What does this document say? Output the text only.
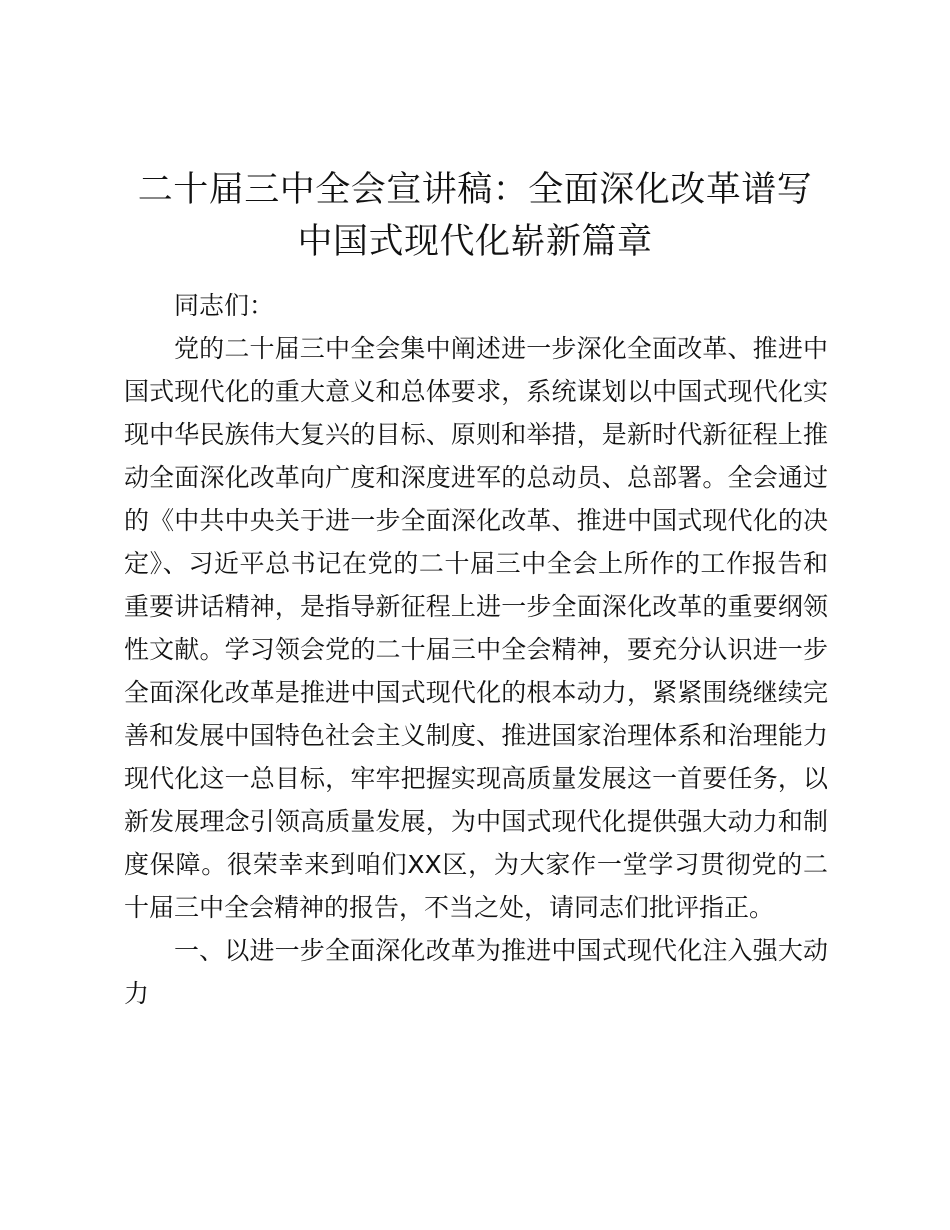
二十届三中全会宣讲稿：全面深化改革谱写中国式现代化崭新篇章

同志们：

党的二十届三中全会集中阐述进一步深化全面改革、推进中国式现代化的重大意义和总体要求，系统谋划以中国式现代化实现中华民族伟大复兴的目标、原则和举措，是新时代新征程上推动全面深化改革向广度和深度进军的总动员、总部署。全会通过的《中共中央关于进一步全面深化改革、推进中国式现代化的决定》、习近平总书记在党的二十届三中全会上所作的工作报告和重要讲话精神，是指导新征程上进一步全面深化改革的重要纲领性文献。学习领会党的二十届三中全会精神，要充分认识进一步全面深化改革是推进中国式现代化的根本动力，紧紧围绕继续完善和发展中国特色社会主义制度、推进国家治理体系和治理能力现代化这一总目标，牢牢把握实现高质量发展这一首要任务，以新发展理念引领高质量发展，为中国式现代化提供强大动力和制度保障。很荣幸来到咱们XX区，为大家作一堂学习贯彻党的二十届三中全会精神的报告，不当之处，请同志们批评指正。

一、以进一步全面深化改革为推进中国式现代化注入强大动力
